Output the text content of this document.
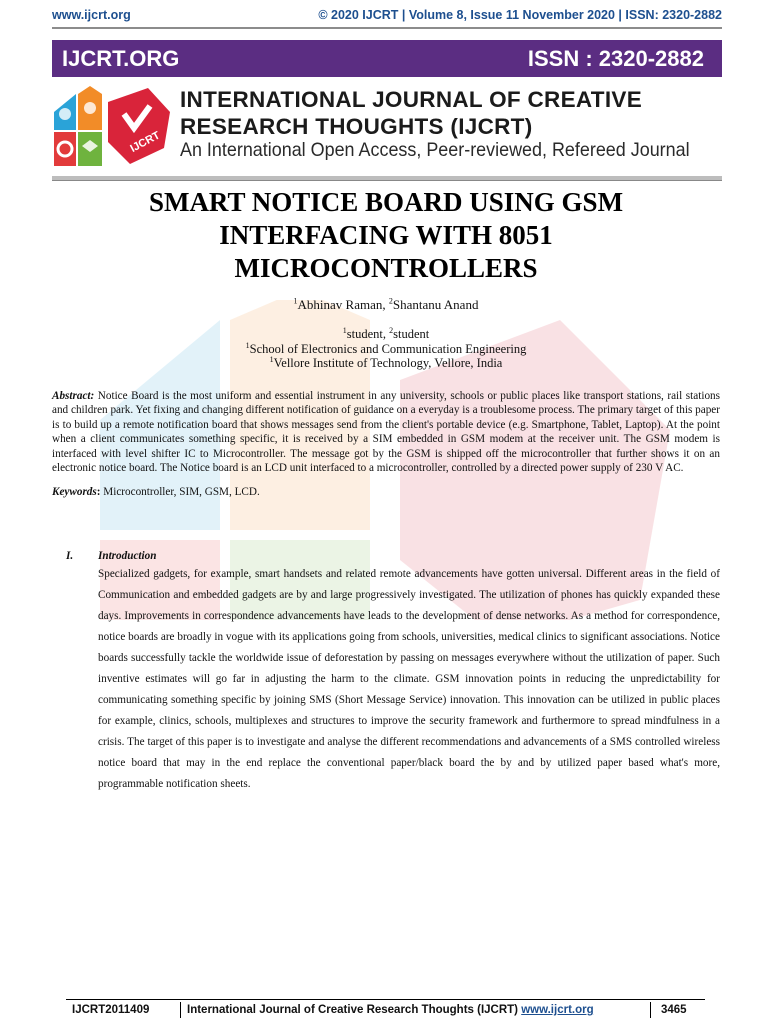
www.ijcrt.org	© 2020 IJCRT | Volume 8, Issue 11 November 2020 | ISSN: 2320-2882
IJCRT.ORG	ISSN : 2320-2882
IJCRT
INTERNATIONAL JOURNAL OF CREATIVE
RESEARCH THOUGHTS (IJCRT)
An International Open Access, Peer-reviewed, Refereed Journal
SMART NOTICE BOARD USING GSM
INTERFACING WITH 8051
MICROCONTROLLERS
$^1$Abhinav Raman, $^2$Shantanu Anand
$^1$student, $^2$student
$^1$School of Electronics and Communication Engineering
$^1$Vellore Institute of Technology, Vellore, India
Abstract: Notice Board is the most uniform and essential instrument in any university, schools or public places like transport stations, rail stations and children park. Yet fixing and changing different notification of guidance on a everyday is a troublesome process. The primary target of this paper is to build up a remote notification board that shows messages send from the client's portable device (e.g. Smartphone, Tablet, Laptop). At the point when a client communicates something specific, it is received by a SIM embedded in GSM modem at the receiver unit. The GSM modem is interfaced with level shifter IC to Microcontroller. The message got by the GSM is shipped off the microcontroller that further shows it on an electronic notice board. The Notice board is an LCD unit interfaced to a microcontroller, controlled by a directed power supply of 230 V AC.
Keywords: Microcontroller, SIM, GSM, LCD.
I.	Introduction
Specialized gadgets, for example, smart handsets and related remote advancements have gotten universal. Different areas in the field of Communication and embedded gadgets are by and large progressively investigated. The utilization of phones has quickly expanded these days. Improvements in correspondence advancements have leads to the development of dense networks. As a method for correspondence, notice boards are broadly in vogue with its applications going from schools, universities, medical clinics to significant associations. Notice boards successfully tackle the worldwide issue of deforestation by passing on messages everywhere without the utilization of paper. Such inventive estimates will go far in adjusting the harm to the climate. GSM innovation points in reducing the unpredictability for communicating something specific by joining SMS (Short Message Service) innovation. This innovation can be utilized in public places for example, clinics, schools, multiplexes and structures to improve the security framework and furthermore to spread mindfulness in a crisis. The target of this paper is to investigate and analyse the different recommendations and advancements of a SMS controlled wireless notice board that may in the end replace the conventional paper/black board the by and by utilized paper based what's more, programmable notification sheets.
IJCRT2011409	International Journal of Creative Research Thoughts (IJCRT) www.ijcrt.org	3465
